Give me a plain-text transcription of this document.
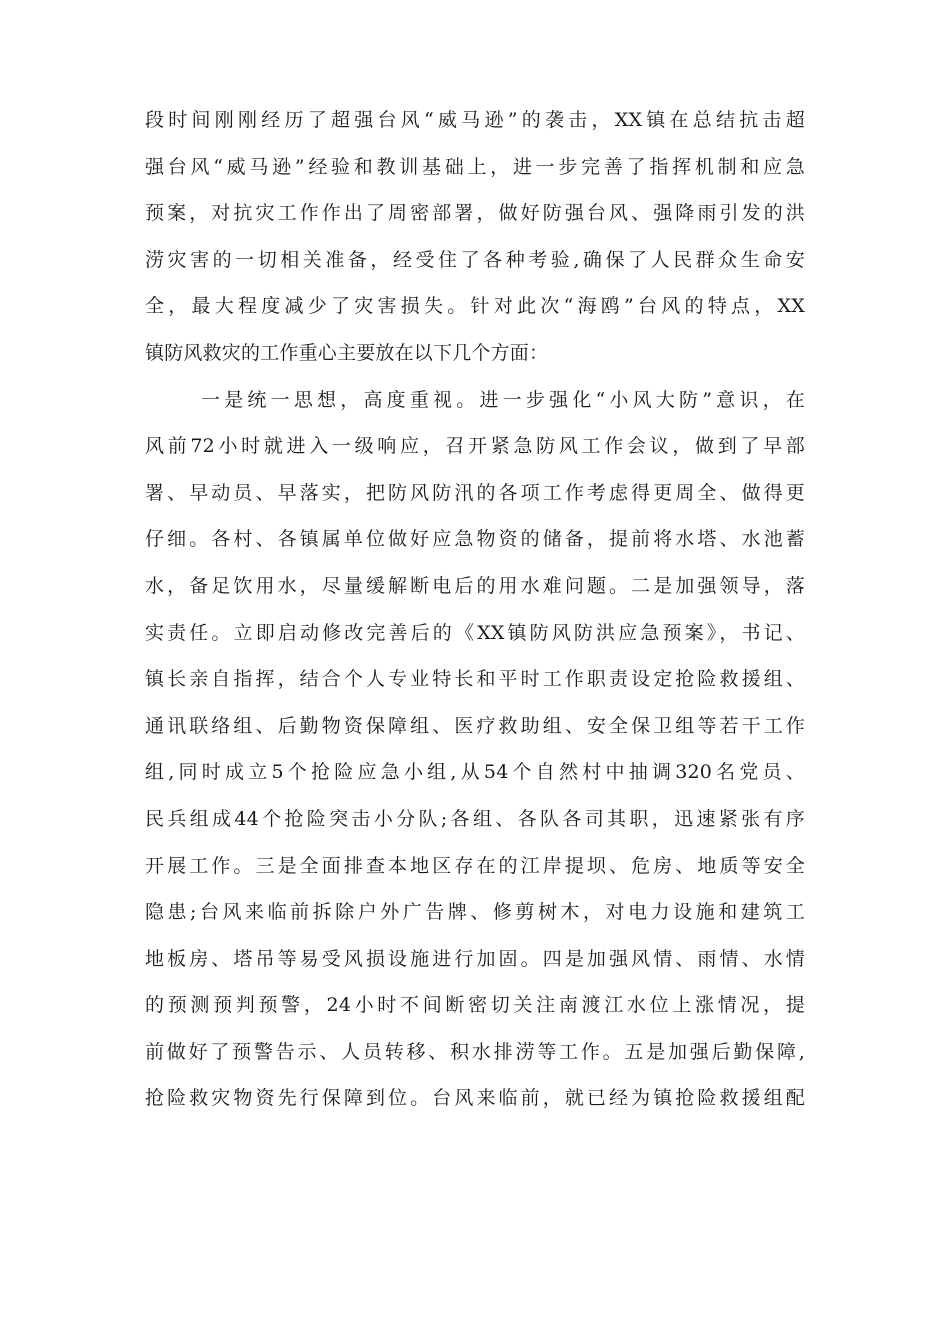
段时间刚刚经历了超强台风“威马逊”的袭击，XX镇在总结抗击超
强台风“威马逊”经验和教训基础上，进一步完善了指挥机制和应急
预案，对抗灾工作作出了周密部署，做好防强台风、强降雨引发的洪
涝灾害的一切相关准备，经受住了各种考验,确保了人民群众生命安
全，最大程度减少了灾害损失。针对此次“海鸥”台风的特点，XX
镇防风救灾的工作重心主要放在以下几个方面：
一是统一思想，高度重视。进一步强化“小风大防”意识，在
风前72小时就进入一级响应，召开紧急防风工作会议，做到了早部
署、早动员、早落实，把防风防汛的各项工作考虑得更周全、做得更
仔细。各村、各镇属单位做好应急物资的储备，提前将水塔、水池蓄
水，备足饮用水，尽量缓解断电后的用水难问题。二是加强领导，落
实责任。立即启动修改完善后的《XX镇防风防洪应急预案》，书记、
镇长亲自指挥，结合个人专业特长和平时工作职责设定抢险救援组、
通讯联络组、后勤物资保障组、医疗救助组、安全保卫组等若干工作
组,同时成立5个抢险应急小组,从54个自然村中抽调320名党员、
民兵组成44个抢险突击小分队;各组、各队各司其职，迅速紧张有序
开展工作。三是全面排查本地区存在的江岸提坝、危房、地质等安全
隐患;台风来临前拆除户外广告牌、修剪树木，对电力设施和建筑工
地板房、塔吊等易受风损设施进行加固。四是加强风情、雨情、水情
的预测预判预警，24小时不间断密切关注南渡江水位上涨情况，提
前做好了预警告示、人员转移、积水排涝等工作。五是加强后勤保障,
抢险救灾物资先行保障到位。台风来临前，就已经为镇抢险救援组配
